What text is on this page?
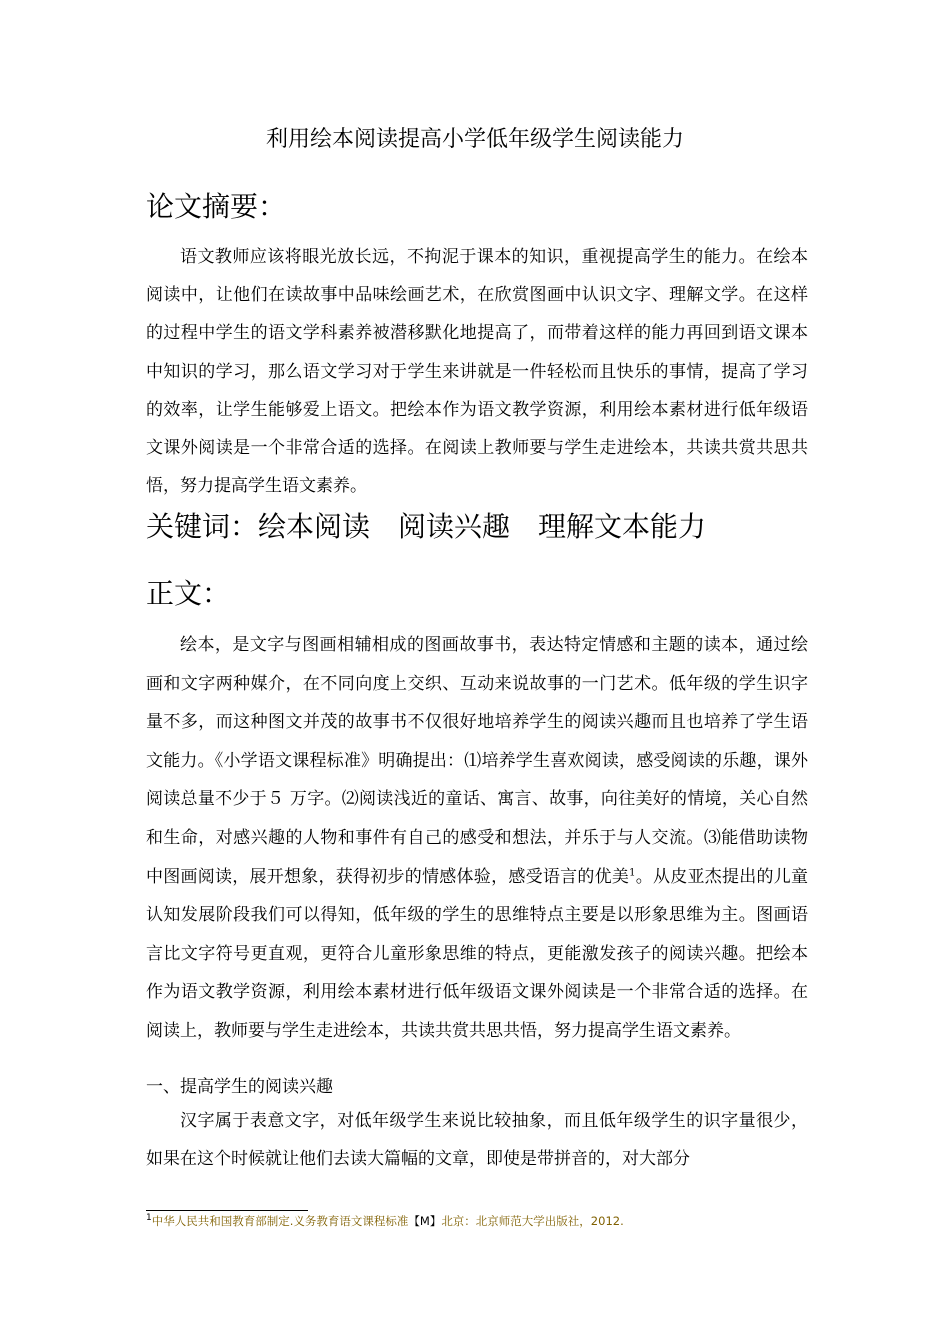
利用绘本阅读提高小学低年级学生阅读能力
论文摘要：
语文教师应该将眼光放长远，不拘泥于课本的知识，重视提高学生的能力。在绘本阅读中，让他们在读故事中品味绘画艺术，在欣赏图画中认识文字、理解文学。在这样的过程中学生的语文学科素养被潜移默化地提高了，而带着这样的能力再回到语文课本中知识的学习，那么语文学习对于学生来讲就是一件轻松而且快乐的事情，提高了学习的效率，让学生能够爱上语文。把绘本作为语文教学资源，利用绘本素材进行低年级语文课外阅读是一个非常合适的选择。在阅读上教师要与学生走进绘本，共读共赏共思共悟，努力提高学生语文素养。
关键词：绘本阅读 阅读兴趣 理解文本能力
正文：
绘本，是文字与图画相辅相成的图画故事书，表达特定情感和主题的读本，通过绘画和文字两种媒介，在不同向度上交织、互动来说故事的一门艺术。低年级的学生识字量不多，而这种图文并茂的故事书不仅很好地培养学生的阅读兴趣而且也培养了学生语文能力。《小学语文课程标准》明确提出：⑴培养学生喜欢阅读，感受阅读的乐趣，课外阅读总量不少于５ 万字。⑵阅读浅近的童话、寓言、故事，向往美好的情境，关心自然和生命，对感兴趣的人物和事件有自己的感受和想法，并乐于与人交流。⑶能借助读物中图画阅读，展开想象，获得初步的情感体验，感受语言的优美$^1$。从皮亚杰提出的儿童认知发展阶段我们可以得知，低年级的学生的思维特点主要是以形象思维为主。图画语言比文字符号更直观，更符合儿童形象思维的特点，更能激发孩子的阅读兴趣。把绘本作为语文教学资源，利用绘本素材进行低年级语文课外阅读是一个非常合适的选择。在阅读上，教师要与学生走进绘本，共读共赏共思共悟，努力提高学生语文素养。
一、提高学生的阅读兴趣
汉字属于表意文字，对低年级学生来说比较抽象，而且低年级学生的识字量很少，如果在这个时候就让他们去读大篇幅的文章，即使是带拼音的，对大部分
$^1$中华人民共和国教育部制定.义务教育语文课程标准【M】北京：北京师范大学出版社，2012.
